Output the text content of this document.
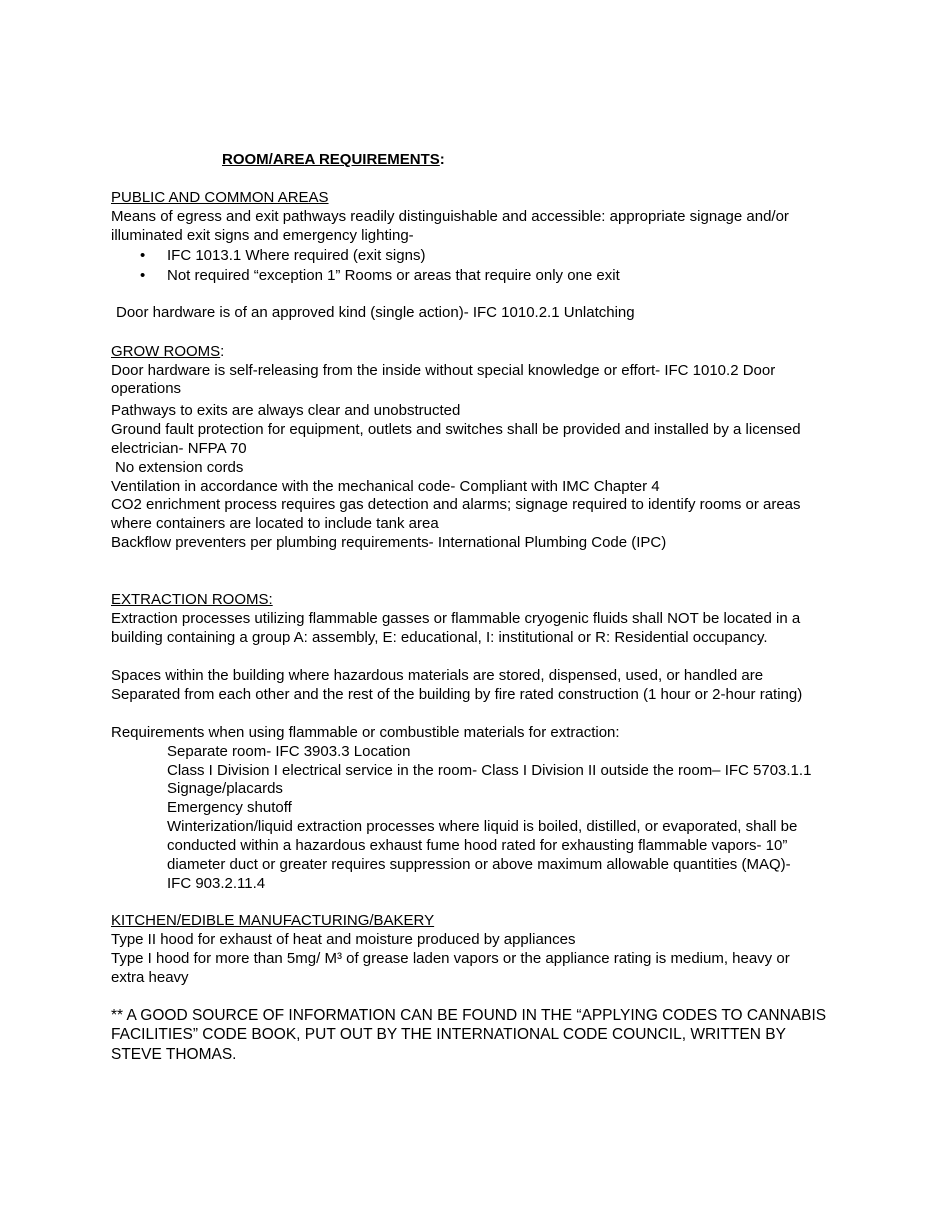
ROOM/AREA REQUIREMENTS:
PUBLIC AND COMMON AREAS
Means of egress and exit pathways readily distinguishable and accessible: appropriate signage and/or
illuminated exit signs and emergency lighting-
• IFC 1013.1 Where required (exit signs)
• Not required “exception 1” Rooms or areas that require only one exit
Door hardware is of an approved kind (single action)- IFC 1010.2.1 Unlatching
GROW ROOMS:
Door hardware is self-releasing from the inside without special knowledge or effort- IFC 1010.2 Door
operations
Pathways to exits are always clear and unobstructed
Ground fault protection for equipment, outlets and switches shall be provided and installed by a licensed
electrician- NFPA 70
No extension cords
Ventilation in accordance with the mechanical code- Compliant with IMC Chapter 4
CO2 enrichment process requires gas detection and alarms; signage required to identify rooms or areas
where containers are located to include tank area
Backflow preventers per plumbing requirements- International Plumbing Code (IPC)
EXTRACTION ROOMS:
Extraction processes utilizing flammable gasses or flammable cryogenic fluids shall NOT be located in a
building containing a group A: assembly, E: educational, I: institutional or R: Residential occupancy.
Spaces within the building where hazardous materials are stored, dispensed, used, or handled are
Separated from each other and the rest of the building by fire rated construction (1 hour or 2-hour rating)
Requirements when using flammable or combustible materials for extraction:
Separate room- IFC 3903.3 Location
Class I Division I electrical service in the room- Class I Division II outside the room– IFC 5703.1.1
Signage/placards
Emergency shutoff
Winterization/liquid extraction processes where liquid is boiled, distilled, or evaporated, shall be
conducted within a hazardous exhaust fume hood rated for exhausting flammable vapors- 10”
diameter duct or greater requires suppression or above maximum allowable quantities (MAQ)-
IFC 903.2.11.4
KITCHEN/EDIBLE MANUFACTURING/BAKERY
Type II hood for exhaust of heat and moisture produced by appliances
Type I hood for more than 5mg/ M³ of grease laden vapors or the appliance rating is medium, heavy or
extra heavy
** A GOOD SOURCE OF INFORMATION CAN BE FOUND IN THE “APPLYING CODES TO CANNABIS
FACILITIES” CODE BOOK, PUT OUT BY THE INTERNATIONAL CODE COUNCIL, WRITTEN BY
STEVE THOMAS.
